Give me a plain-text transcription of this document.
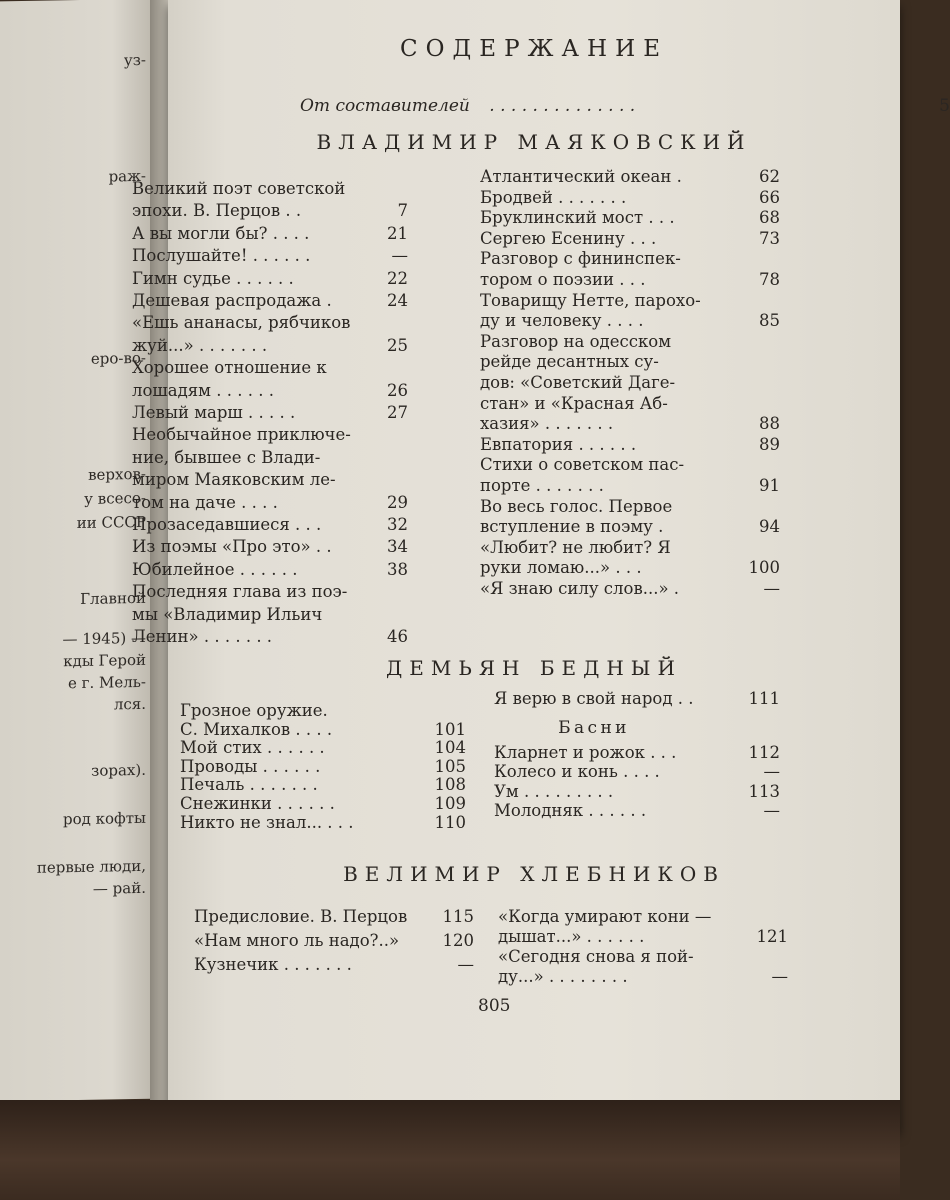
уз-
раж-
еро-во-
верхов-
у всесо-
ии СССР
Главной
— 1945) —
кды Герой
е г. Мель-
лся.
зорах).
род кофты
первые люди,
— рай.
СОДЕРЖАНИЕ
От составителей . . . . . . . . . . . . . .	5
ВЛАДИМИР МАЯКОВСКИЙ
Великий поэт советской
эпохи. В. Перцов . .	7
А вы могли бы? . . . .	21
Послушайте! . . . . . .	—
Гимн судье . . . . . .	22
Дешевая распродажа .	24
«Ешь ананасы, рябчиков
жуй...» . . . . . . .	25
Хорошее отношение к
лошадям . . . . . .	26
Левый марш . . . . .	27
Необычайное приключе-
ние, бывшее с Влади-
миром Маяковским ле-
том на даче . . . .	29
Прозаседавшиеся . . .	32
Из поэмы «Про это» . .	34
Юбилейное . . . . . .	38
Последняя глава из поэ-
мы «Владимир Ильич
Ленин» . . . . . . .	46
Атлантический океан .	62
Бродвей . . . . . . .	66
Бруклинский мост . . .	68
Сергею Есенину . . .	73
Разговор с фининспек-
тором о поэзии . . .	78
Товарищу Нетте, парохо-
ду и человеку . . . .	85
Разговор на одесском
рейде десантных су-
дов: «Советский Даге-
стан» и «Красная Аб-
хазия» . . . . . . .	88
Евпатория . . . . . .	89
Стихи о советском пас-
порте . . . . . . .	91
Во весь голос. Первое
вступление в поэму .	94
«Любит? не любит? Я
руки ломаю...» . . .	100
«Я знаю силу слов...» .	—
ДЕМЬЯН БЕДНЫЙ
Грозное оружие.
С. Михалков . . . .	101
Мой стих . . . . . .	104
Проводы . . . . . .	105
Печаль . . . . . . .	108
Снежинки . . . . . .	109
Никто не знал... . . .	110
Я верю в свой народ . .	111
Басни
Кларнет и рожок . . .	112
Колесо и конь . . . .	—
Ум . . . . . . . . .	113
Молодняк . . . . . .	—
ВЕЛИМИР ХЛЕБНИКОВ
Предисловие. В. Перцов	115
«Нам много ль надо?..»	120
Кузнечик . . . . . . .	—
«Когда умирают кони —
дышат...» . . . . . .	121
«Сегодня снова я пой-
ду...» . . . . . . . .	—
805
